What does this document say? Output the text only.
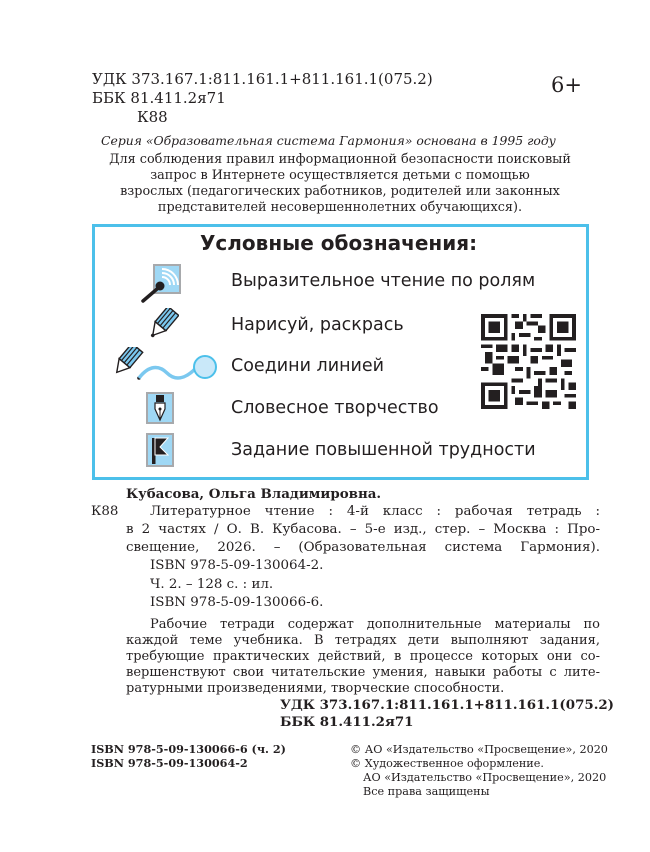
УДК 373.167.1:811.161.1+811.161.1(075.2)
ББК 81.411.2я71
К88
6+
Серия «Образовательная система Гармония» основана в 1995 году
Для соблюдения правил информационной безопасности поисковый
запрос в Интернете осуществляется детьми с помощью
взрослых (педагогических работников, родителей или законных
представителей несовершеннолетних обучающихся).
Условные обозначения:
Выразительное чтение по ролям
Нарисуй, раскрась
Соедини линией
Словесное творчество
Задание повышенной трудности
Кубасова, Ольга Владимировна.
К88 Литературное чтение : 4-й класс : рабочая тетрадь :
в 2 частях / О. В. Кубасова. – 5-е изд., стер. – Москва : Про-
свещение, 2026. – (Образовательная система Гармония).
ISBN 978-5-09-130064-2.
Ч. 2. – 128 с. : ил.
ISBN 978-5-09-130066-6.
Рабочие тетради содержат дополнительные материалы по
каждой теме учебника. В тетрадях дети выполняют задания,
требующие практических действий, в процессе которых они со-
вершенствуют свои читательские умения, навыки работы с лите-
ратурными произведениями, творческие способности.
УДК 373.167.1:811.161.1+811.161.1(075.2)
ББК 81.411.2я71
ISBN 978-5-09-130066-6 (ч. 2)
ISBN 978-5-09-130064-2
© АО «Издательство «Просвещение», 2020
© Художественное оформление.
АО «Издательство «Просвещение», 2020
Все права защищены
